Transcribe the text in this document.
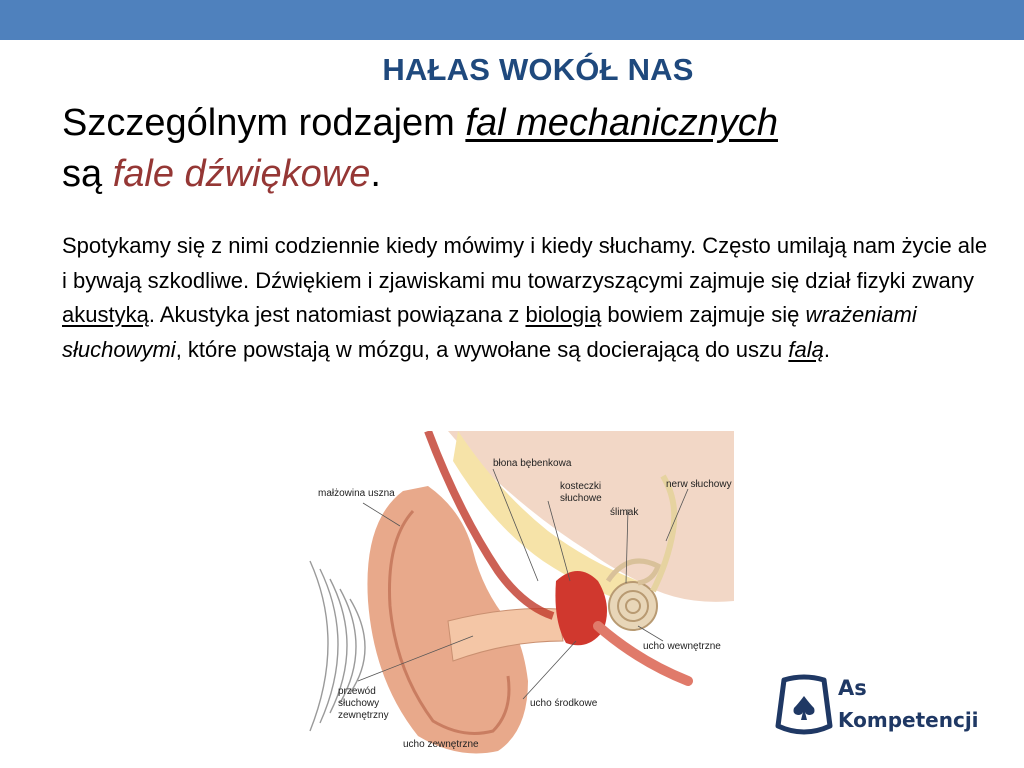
HAŁAS WOKÓŁ NAS

Szczególnym rodzajem fal mechanicznych
są fale dźwiękowe.

Spotykamy się z nimi codziennie kiedy mówimy i kiedy słuchamy. Często umilają nam życie ale i bywają szkodliwe. Dźwiękiem i zjawiskami mu towarzyszącymi zajmuje się dział fizyki zwany akustyką. Akustyka jest natomiast powiązana z biologią bowiem zajmuje się wrażeniami słuchowymi, które powstają w mózgu, a wywołane są docierającą do uszu falą.

błona bębenkowa
małżowina uszna
kosteczki
słuchowe
ślimak
nerw słuchowy
ucho wewnętrzne
przewód
słuchowy
zewnętrzny
ucho środkowe
ucho zewnętrzne
As
Kompetencji
